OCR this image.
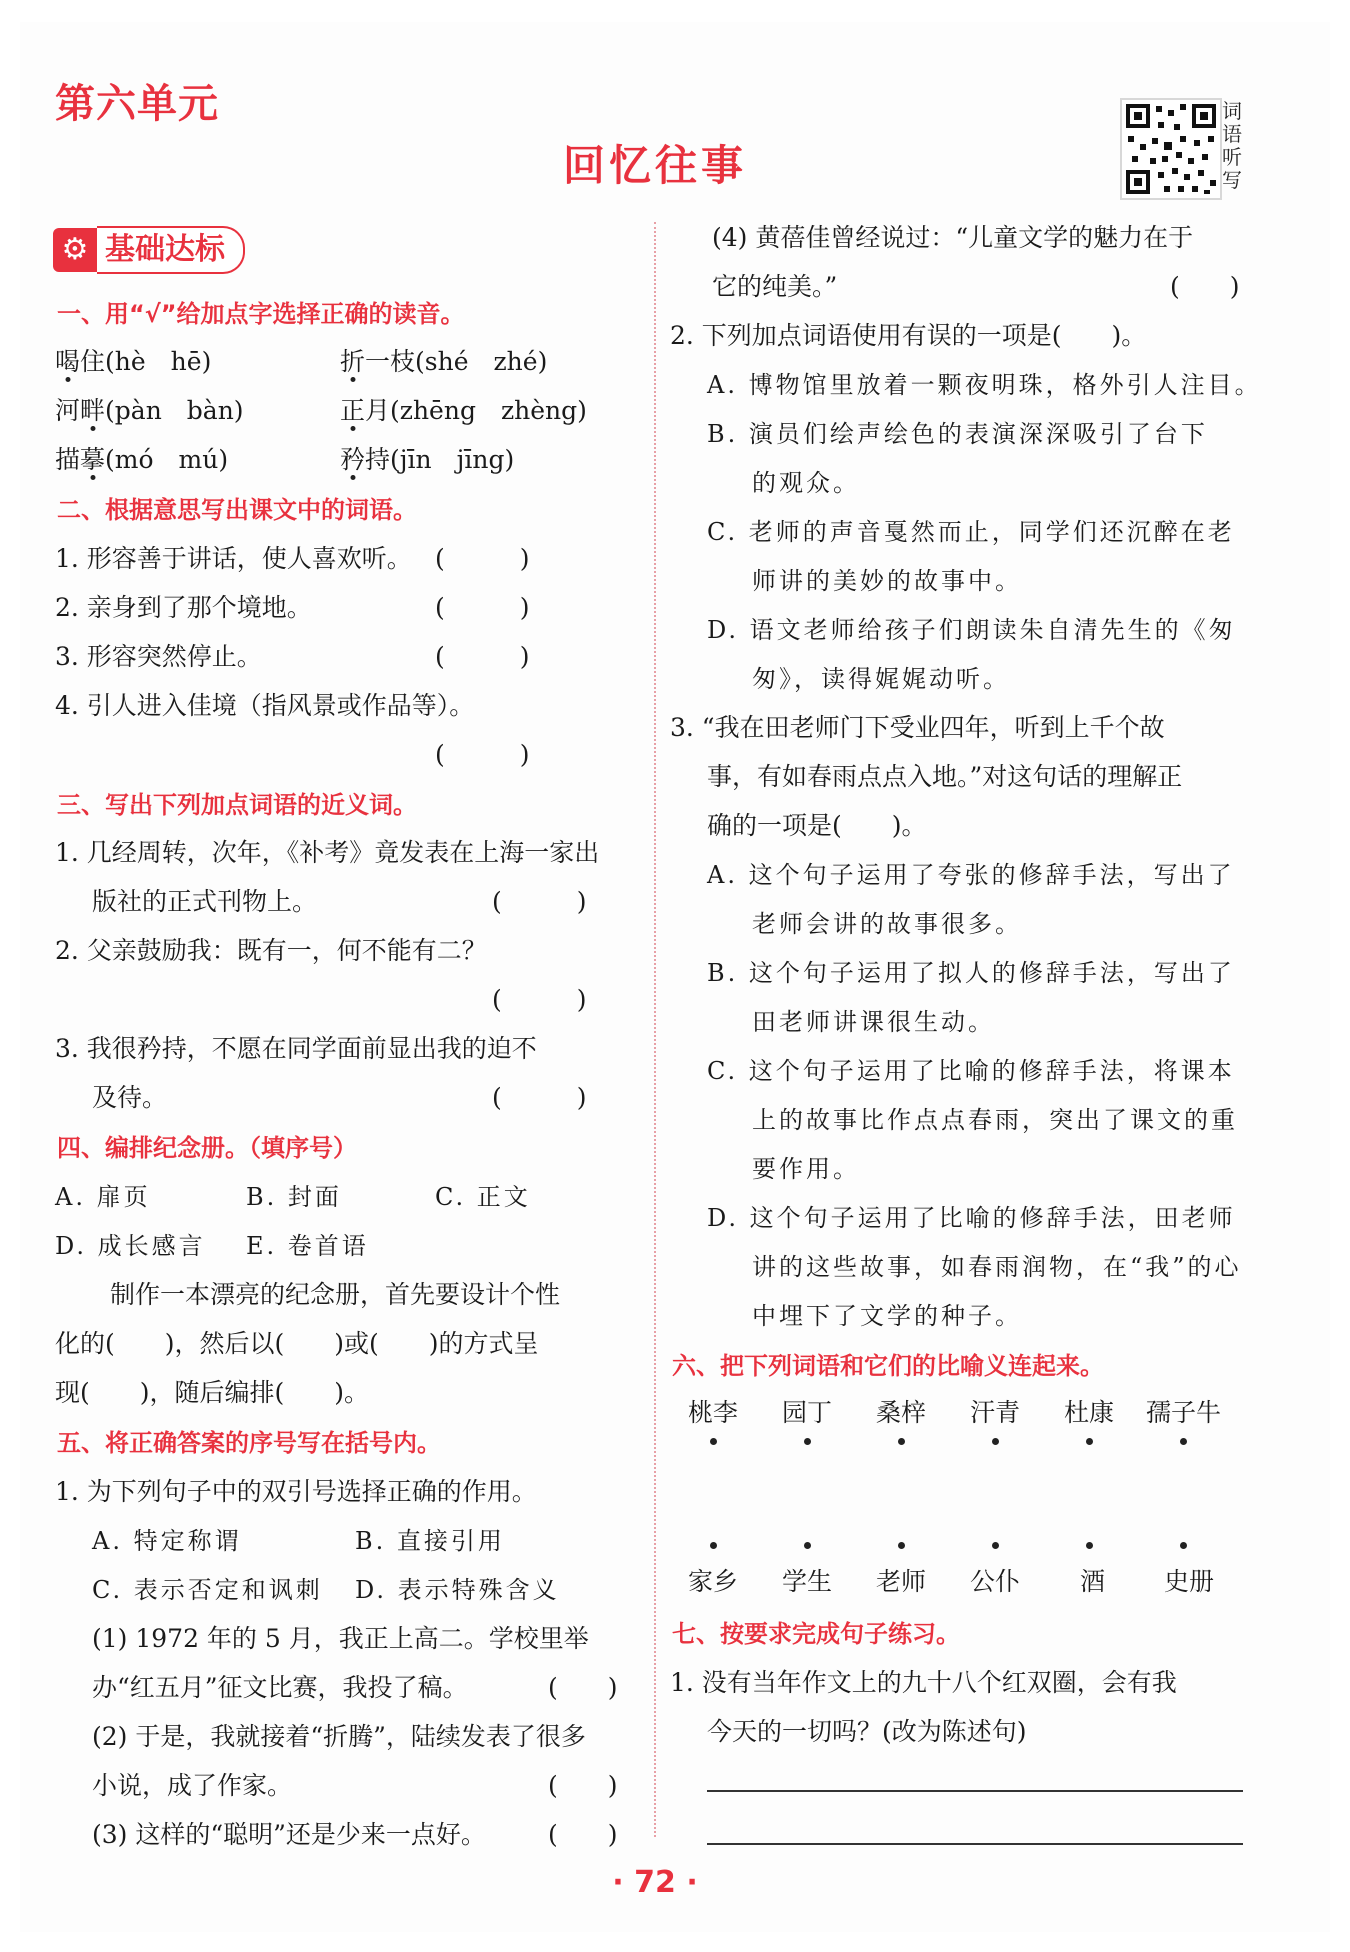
第六单元
回忆往事
词语听写
⚙ 基础达标
一、用“√”给加点字选择正确的读音。
喝住(hè　hē)	折一枝(shé　zhé)
河畔(pàn　bàn)	正月(zhēng　zhèng)
描摹(mó　mú)	矜持(jīn　jīng)
二、根据意思写出课文中的词语。
1. 形容善于讲话，使人喜欢听。 (　　　)
2. 亲身到了那个境地。	(　　　)
3. 形容突然停止。	(　　　)
4. 引人进入佳境（指风景或作品等）。
(　　　)
三、写出下列加点词语的近义词。
1. 几经周转，次年，《补考》竟发表在上海一家出
版社的正式刊物上。	(　　　)
2. 父亲鼓励我：既有一，何不能有二？
(　　　)
3. 我很矜持，不愿在同学面前显出我的迫不
及待。	(　　　)
四、编排纪念册。（填序号）
A. 扉页	B. 封面	C. 正文
D. 成长感言 E. 卷首语
制作一本漂亮的纪念册，首先要设计个性
化的(　　)，然后以(　　)或(　　)的方式呈
现(　　)，随后编排(　　)。
五、将正确答案的序号写在括号内。
1. 为下列句子中的双引号选择正确的作用。
A. 特定称谓	B. 直接引用
C. 表示否定和讽刺 D. 表示特殊含义
(1) 1972 年的 5 月，我正上高二。学校里举
办“红五月”征文比赛，我投了稿。	(　　)
(2) 于是，我就接着“折腾”，陆续发表了很多
小说，成了作家。	(　　)
(3) 这样的“聪明”还是少来一点好。 (　　)
(4) 黄蓓佳曾经说过：“儿童文学的魅力在于
它的纯美。”	(　　)
2. 下列加点词语使用有误的一项是(　　)。
A. 博物馆里放着一颗夜明珠，格外引人注目。
B. 演员们绘声绘色的表演深深吸引了台下
的观众。
C. 老师的声音戛然而止，同学们还沉醉在老
师讲的美妙的故事中。
D. 语文老师给孩子们朗读朱自清先生的《匆
匆》，读得娓娓动听。
3. “我在田老师门下受业四年，听到上千个故
事，有如春雨点点入地。”对这句话的理解正
确的一项是(　　)。
A. 这个句子运用了夸张的修辞手法，写出了
老师会讲的故事很多。
B. 这个句子运用了拟人的修辞手法，写出了
田老师讲课很生动。
C. 这个句子运用了比喻的修辞手法，将课本
上的故事比作点点春雨，突出了课文的重
要作用。
D. 这个句子运用了比喻的修辞手法，田老师
讲的这些故事，如春雨润物，在“我”的心
中埋下了文学的种子。
六、把下列词语和它们的比喻义连起来。
桃李 园丁 桑梓 汗青 杜康 孺子牛
家乡 学生 老师 公仆 酒 史册
七、按要求完成句子练习。
1. 没有当年作文上的九十八个红双圈，会有我
今天的一切吗？(改为陈述句)
· 72 ·
